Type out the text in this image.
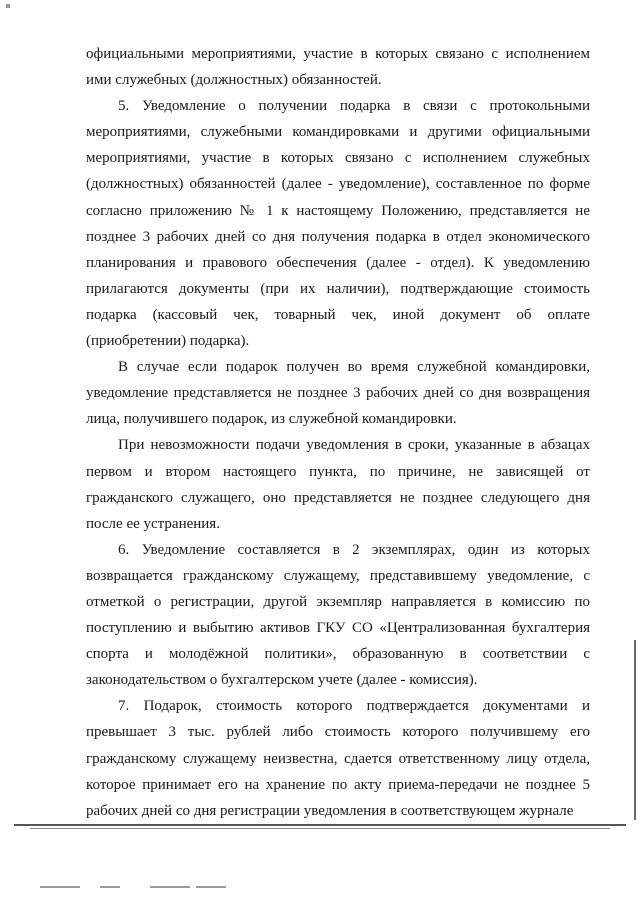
официальными мероприятиями, участие в которых связано с исполнением ими служебных (должностных) обязанностей.

5. Уведомление о получении подарка в связи с протокольными мероприятиями, служебными командировками и другими официальными мероприятиями, участие в которых связано с исполнением служебных (должностных) обязанностей (далее - уведомление), составленное по форме согласно приложению № 1 к настоящему Положению, представляется не позднее 3 рабочих дней со дня получения подарка в отдел экономического планирования и правового обеспечения (далее - отдел). К уведомлению прилагаются документы (при их наличии), подтверждающие стоимость подарка (кассовый чек, товарный чек, иной документ об оплате (приобретении) подарка).

В случае если подарок получен во время служебной командировки, уведомление представляется не позднее 3 рабочих дней со дня возвращения лица, получившего подарок, из служебной командировки.

При невозможности подачи уведомления в сроки, указанные в абзацах первом и втором настоящего пункта, по причине, не зависящей от гражданского служащего, оно представляется не позднее следующего дня после ее устранения.

6. Уведомление составляется в 2 экземплярах, один из которых возвращается гражданскому служащему, представившему уведомление, с отметкой о регистрации, другой экземпляр направляется в комиссию по поступлению и выбытию активов ГКУ СО «Централизованная бухгалтерия спорта и молодёжной политики», образованную в соответствии с законодательством о бухгалтерском учете (далее - комиссия).

7. Подарок, стоимость которого подтверждается документами и превышает 3 тыс. рублей либо стоимость которого получившему его гражданскому служащему неизвестна, сдается ответственному лицу отдела, которое принимает его на хранение по акту приема-передачи не позднее 5 рабочих дней со дня регистрации уведомления в соответствующем журнале
